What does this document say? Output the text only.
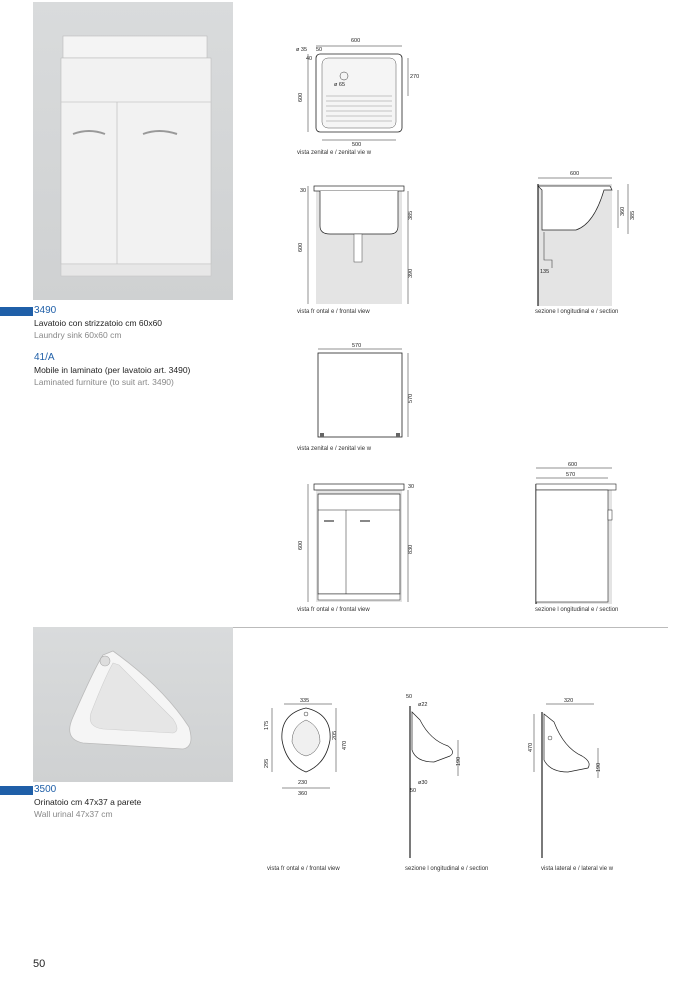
3490
Lavatoio con strizzatoio cm 60x60
Laundry sink 60x60 cm
41/A
Mobile in laminato (per lavatoio art. 3490)
Laminated furniture (to suit art. 3490)
3500
Orinatoio cm 47x37 a parete
Wall urinal 47x37 cm
600
ø 35 50
ø 65
600
40
270
500
vista zenital e / zenital vie w
600
30
385
390
vista fr ontal e / frontal view
600
360 385
135
sezione l ongitudinal e / section
570
570
vista zenital e / zenital vie w
600
30
830
vista fr ontal e / frontal view
600
570
sezione l ongitudinal e / section
335
175
295
205
470
230
360
vista fr ontal e / frontal view
50
ø22
190
ø30
50
sezione l ongitudinal e / section
320
470
190
vista lateral e / lateral vie w
50
